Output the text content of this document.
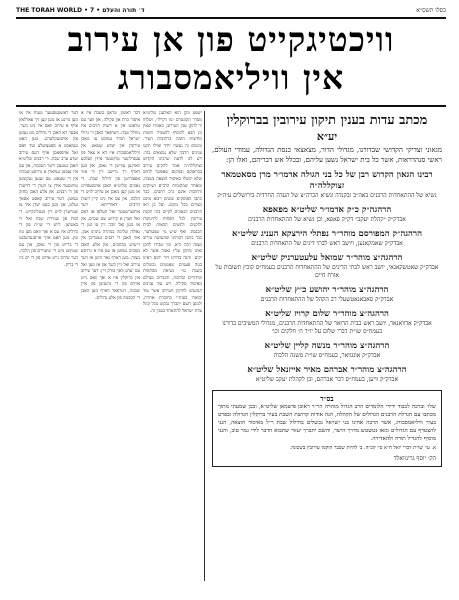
THE TORAH WORLD • 7 • ד׳ תורה והעלם	כסלו תשס״א
וויכטיגקייט פון אן עירוב
אין וויליאמסבורג
מכתב עדות בענין תיקון עירובין בברוקלין
יע״א
מגאוני וצדיקי הקדושי שבדורנו, מגדולי הדור, מצאצאי כנסת הגדולה, עמודי העולם, ראשי סנהדראות, אשר כל בית ישראל נשען עליהם, ובכלל אש דבריהם, ואלו הן:
רבינו הגאון הקדוש רבן של כל בני הגולה אדמו״ר מרן מסאטמאר זצוקללה״ה
נשיא של ההתאחדות הרבנים באה״ב ובקנדה ונשיא הכרה״צ של העדה החרדית בירושלים עיה״ק
הרהגה״ק כ״ק אדמו״ר שליט״א מפאפא
אבדק״ק ״קהלת יעקב״ דק״ק פאפא, וכן נשיא של ההתאחדות הרבנים
הרהגה״ק המפורסם מוהר״ר נפתלי הירצקא העניג שליט״א
אבדק״ק שאמקאנען, ויושב ראש לבתי דינים של התאחדות הרבנים
הרהגה״צ מוהר״ר שמואל עלעטערניק שליט״א
אבדק״ק שאטשקאגאי, יושב ראש לבתי הדינים של ההתאחדות הרבנים בעמח״ס קובץ תשובות על אורח חיים
הרהגה״צ מוהר״ר יהושע כ״ץ שליט״א
אבדק״ק סאבאנאטשעלי רב הקהל של ההתאחדות הרבנים
הרהגה״צ מוהר״ר שלום קרויז שליט״א
אבדק״ק אדוואנאר, יושב ראש בבית הדואר של ההתאחדות הרבנים, מגדולי המשיבים בדורנו בעמח״ס שו״ת דברי שלום על יו״ד ח׳ חלקים וכו׳
הרהגה״צ מוהר״ר מנשה קליין שליט״א
אבדק״ק אונגוואר, בעמח״ס שו״ת משנה הלכות
הרהגה״צ מוהר״ר אברהם מאיר אייזנאל שליט״א
אבדק״ק וויען, בעמח״ס דבר אברהם, ובן לקהלת יעקב שליט״א
בס״ד
שלו׳ וברכה לכבוד ידידי הלומדים הרב הגדול מוהרה הר״ר ראובן פישמאן שליט״א, ובכן שמעתי מתוך מכתבו עם הגדלת הרבנים הגדולים של הקהלה, הנה אודות קדושת השבת בעיר ברוקלין הגדולה ובפרט בעיר וויליאמסבורג, אשר הרבה אחינו בני ישראל נכשלים בחילול שבת ר״ל באיסור הוצאה, הנני להצטרף עם הגדולים ומאז נטשטש מדרך הישר, והשם יתברך יעזור שתבוא הדבר לידי גמר טוב, והנני מוסיף להגדיל תורה ולהאדירה.
א. עי׳ שו״ת דברי יואל ח״א סי׳ קכ״ה. ב׳ להיות שכבר הוקמו עירובין בשכונה.
הק׳ יוסף גרינוואלד
ישפט ונקן הוא האלענן שליט״א מסדר הקונטרס ״גזו דקייל״, ושלחו יד לתקן ענין העירוב, באמרו שאין מן הבא להוסיף להעמיד חומות מחיצות חומה ברחובות העיר. ומשום זה נעשה יחיד ואילו תקנו ענינים הרבה שלא נמצאים בזה. ויש לנו לדעת שרבינו הקדוש זצוקללה״ה אמר להקים עירוב בבראנקס ובמקום שאפשר לחוש שלא יכשלו באיסור הוצאה בשבת. ומאחר שמקומות הרבים ושווקים ורחובות אינם כ״כ רחבים, כבר כתבו הפוסקים ששים רבוא אינם מצויים בכל מקום. ועל כן ראו הרבנים הגאונים לקיים בזה תקנת עירובין לכל הפחות לתינוקות ולזקנים ולנשים הבאות לבית הכנסת. ואף שיש מי שמערער, כבר כתבו רבותינו שהעושה עירוב מצוה רבה היא, ומי שבידו לתקן ואינו מתקן עליו נאמר אשר לא יקים. והנה בדורנו דור יתום ראינו כמה פעמים שאנשים נכשלים בשבת ע״י נשיאת מפתחות וסידורים וכדומה, והעירוב מצילם מאיסור סקילה. ויש עוד ענינים הנוגעים לתיקון העירוב אשר עוד יבוארו בעזה״י בחוברת אחרת. ולמען השם יתברך נבקש מכל קהל עדת ישראל להתאחד בענין זה.
דבר ראשון, טראגן בשבת איז א איסור כרת און סקילה, און ווער עס טראגט אין א רשות הרבים איז מחלל שבת. דערפאר האבן די גדולי ישראל תמיד געזוכט צו מאכן עירובין אין יעדע שטאט. אין ווילליאמסבורג איז דא א צאל פון צענדליגער טויזנטער אידן וועלכע וואוינען צווישן די גאסן, און מען דארף זיך מיישב זיין ווי אזוי אפצוהיטן פון חילול שבת. די גאונים שליט״א האבן אויסגעפירט אז מען קען מאכן אן עירוב לויט די הלכה, און עס איז ניט קיין רשות הרבים דאורייתא. דער אויבערשטער זאל העלפן אז דאס זאל ווערן א קידוש שם שמים, און אז מען זאל זוכה זיין צו זען די גאולה שלימה במהרה בימינו אמן. אזוי האבן די רבנים געשריבן אין זייערע מכתבים, און אלע האבן מסכים געווען אז עס איז א גרויסע מצוה. מען דארף נאר היטן אז דער עירוב זאל זיין כשר און אז מען זאל עס יעדע וואך בודק זיין. דער עירוב אין ברוקלין איז א זאך וואס גייט ארויס פון די גרעניצן פון איין שכונה, דערפאר דארף מען האבן די הסכמה פון אלע גדולים.
דער ראשטעסטער טעות איז אז מען מיינט אז מען קען זיך פארלאזן אויף א עירוב וואס איז ניט כשר. אבער דא האבן די גדולים גוט געזען און אויסגעקלערט. מען האט געמאכט א ספעציעלע ועד וואס זאל אויפפאסן אויף דעם עירוב יעדע ערב שבת. די רבנים שליט״א האבן געגעבן זייער הסכמה, און עס איז נעכטן געווארן א גרויסע שמחה אין די שטאט. עס זענען געקומען טויזנטער אידן צו הערן די דרשות פון די רבנים, און אלע האבן מחזק געווען. דער עירוב קאסט אסאך געלט, און מען בעט יעדן איד צו שטייערן לויט זיין מעגליכקייט. די זכות פון שמירת שבת זאל זיי באשיצן. לויט די שו״ת פון די גדולים איז עס א זאך וואס מען מוז טון. מען האט אויך אויסגערעכנט די ברייט פון די גאסן, און עס שטימט מיט די שיעורים פון הלכה. דער עירוב גייט ארום פון די ים ביז די בריק.
